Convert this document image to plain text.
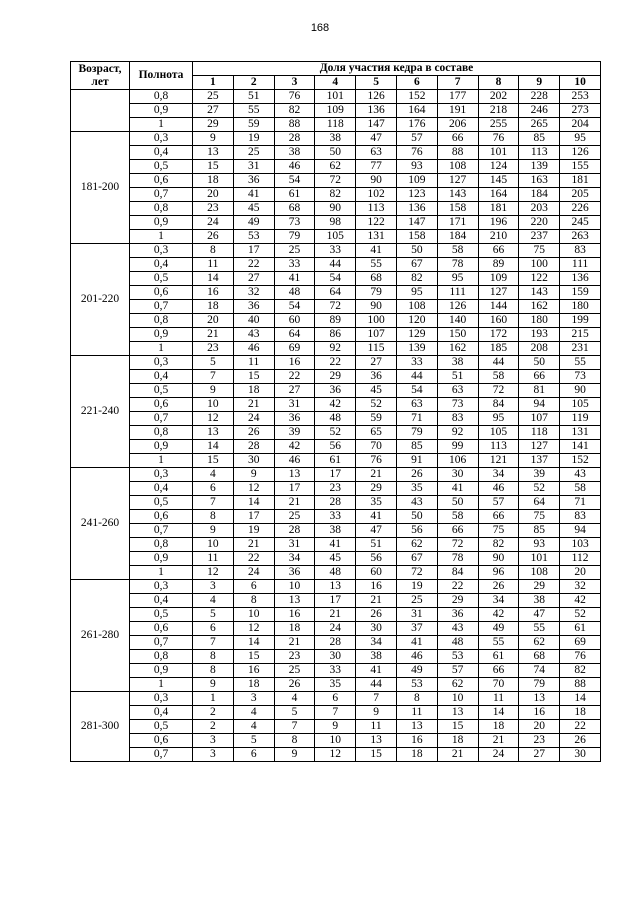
168
Возраст, лет	Полнота	Доля участия кедра в составе									
		1	2	3	4	5	6	7	8	9	10
	0,8	25	51	76	101	126	152	177	202	228	253
	0,9	27	55	82	109	136	164	191	218	246	273
	1	29	59	88	118	147	176	206	255	265	204
181-200	0,3	9	19	28	38	47	57	66	76	85	95
	0,4	13	25	38	50	63	76	88	101	113	126
	0,5	15	31	46	62	77	93	108	124	139	155
	0,6	18	36	54	72	90	109	127	145	163	181
	0,7	20	41	61	82	102	123	143	164	184	205
	0,8	23	45	68	90	113	136	158	181	203	226
	0,9	24	49	73	98	122	147	171	196	220	245
	1	26	53	79	105	131	158	184	210	237	263
201-220	0,3	8	17	25	33	41	50	58	66	75	83
	0,4	11	22	33	44	55	67	78	89	100	111
	0,5	14	27	41	54	68	82	95	109	122	136
	0,6	16	32	48	64	79	95	111	127	143	159
	0,7	18	36	54	72	90	108	126	144	162	180
	0,8	20	40	60	89	100	120	140	160	180	199
	0,9	21	43	64	86	107	129	150	172	193	215
	1	23	46	69	92	115	139	162	185	208	231
221-240	0,3	5	11	16	22	27	33	38	44	50	55
	0,4	7	15	22	29	36	44	51	58	66	73
	0,5	9	18	27	36	45	54	63	72	81	90
	0,6	10	21	31	42	52	63	73	84	94	105
	0,7	12	24	36	48	59	71	83	95	107	119
	0,8	13	26	39	52	65	79	92	105	118	131
	0,9	14	28	42	56	70	85	99	113	127	141
	1	15	30	46	61	76	91	106	121	137	152
241-260	0,3	4	9	13	17	21	26	30	34	39	43
	0,4	6	12	17	23	29	35	41	46	52	58
	0,5	7	14	21	28	35	43	50	57	64	71
	0,6	8	17	25	33	41	50	58	66	75	83
	0,7	9	19	28	38	47	56	66	75	85	94
	0,8	10	21	31	41	51	62	72	82	93	103
	0,9	11	22	34	45	56	67	78	90	101	112
	1	12	24	36	48	60	72	84	96	108	20
261-280	0,3	3	6	10	13	16	19	22	26	29	32
	0,4	4	8	13	17	21	25	29	34	38	42
	0,5	5	10	16	21	26	31	36	42	47	52
	0,6	6	12	18	24	30	37	43	49	55	61
	0,7	7	14	21	28	34	41	48	55	62	69
	0,8	8	15	23	30	38	46	53	61	68	76
	0,9	8	16	25	33	41	49	57	66	74	82
	1	9	18	26	35	44	53	62	70	79	88
281-300	0,3	1	3	4	6	7	8	10	11	13	14
	0,4	2	4	5	7	9	11	13	14	16	18
	0,5	2	4	7	9	11	13	15	18	20	22
	0,6	3	5	8	10	13	16	18	21	23	26
	0,7	3	6	9	12	15	18	21	24	27	30
